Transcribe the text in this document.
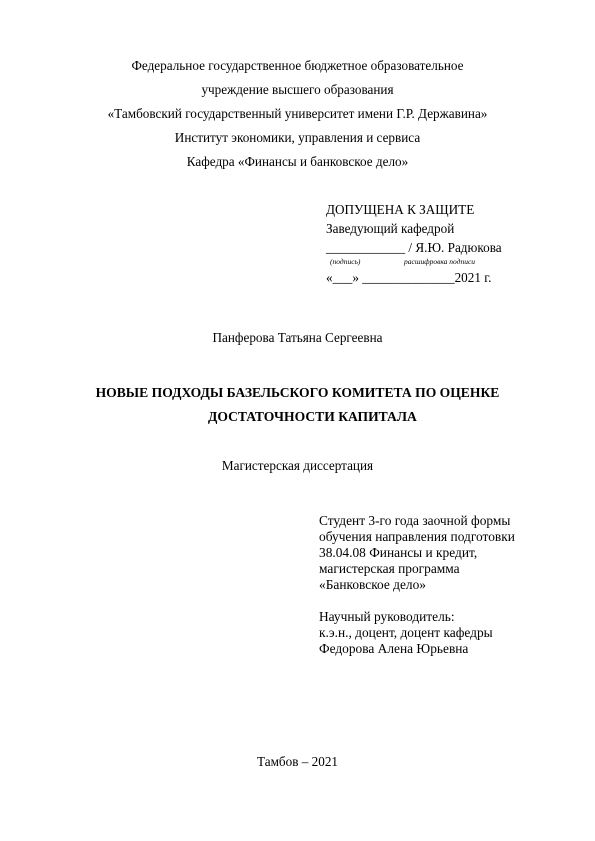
Федеральное государственное бюджетное образовательное
учреждение высшего образования
«Тамбовский государственный университет имени Г.Р. Державина»
Институт экономики, управления и сервиса
Кафедра «Финансы и банковское дело»
ДОПУЩЕНА К ЗАЩИТЕ
Заведующий кафедрой
____________ / Я.Ю. Радюкова
(подпись)	расшифровка подписи
«___» ______________2021 г.
Панферова Татьяна Сергеевна
НОВЫЕ ПОДХОДЫ БАЗЕЛЬСКОГО КОМИТЕТА ПО ОЦЕНКЕ
ДОСТАТОЧНОСТИ КАПИТАЛА
Магистерская диссертация
Студент 3-го года заочной формы
обучения направления подготовки
38.04.08 Финансы и кредит,
магистерская программа
«Банковское дело»
Научный руководитель:
к.э.н., доцент, доцент кафедры
Федорова Алена Юрьевна
Тамбов – 2021
